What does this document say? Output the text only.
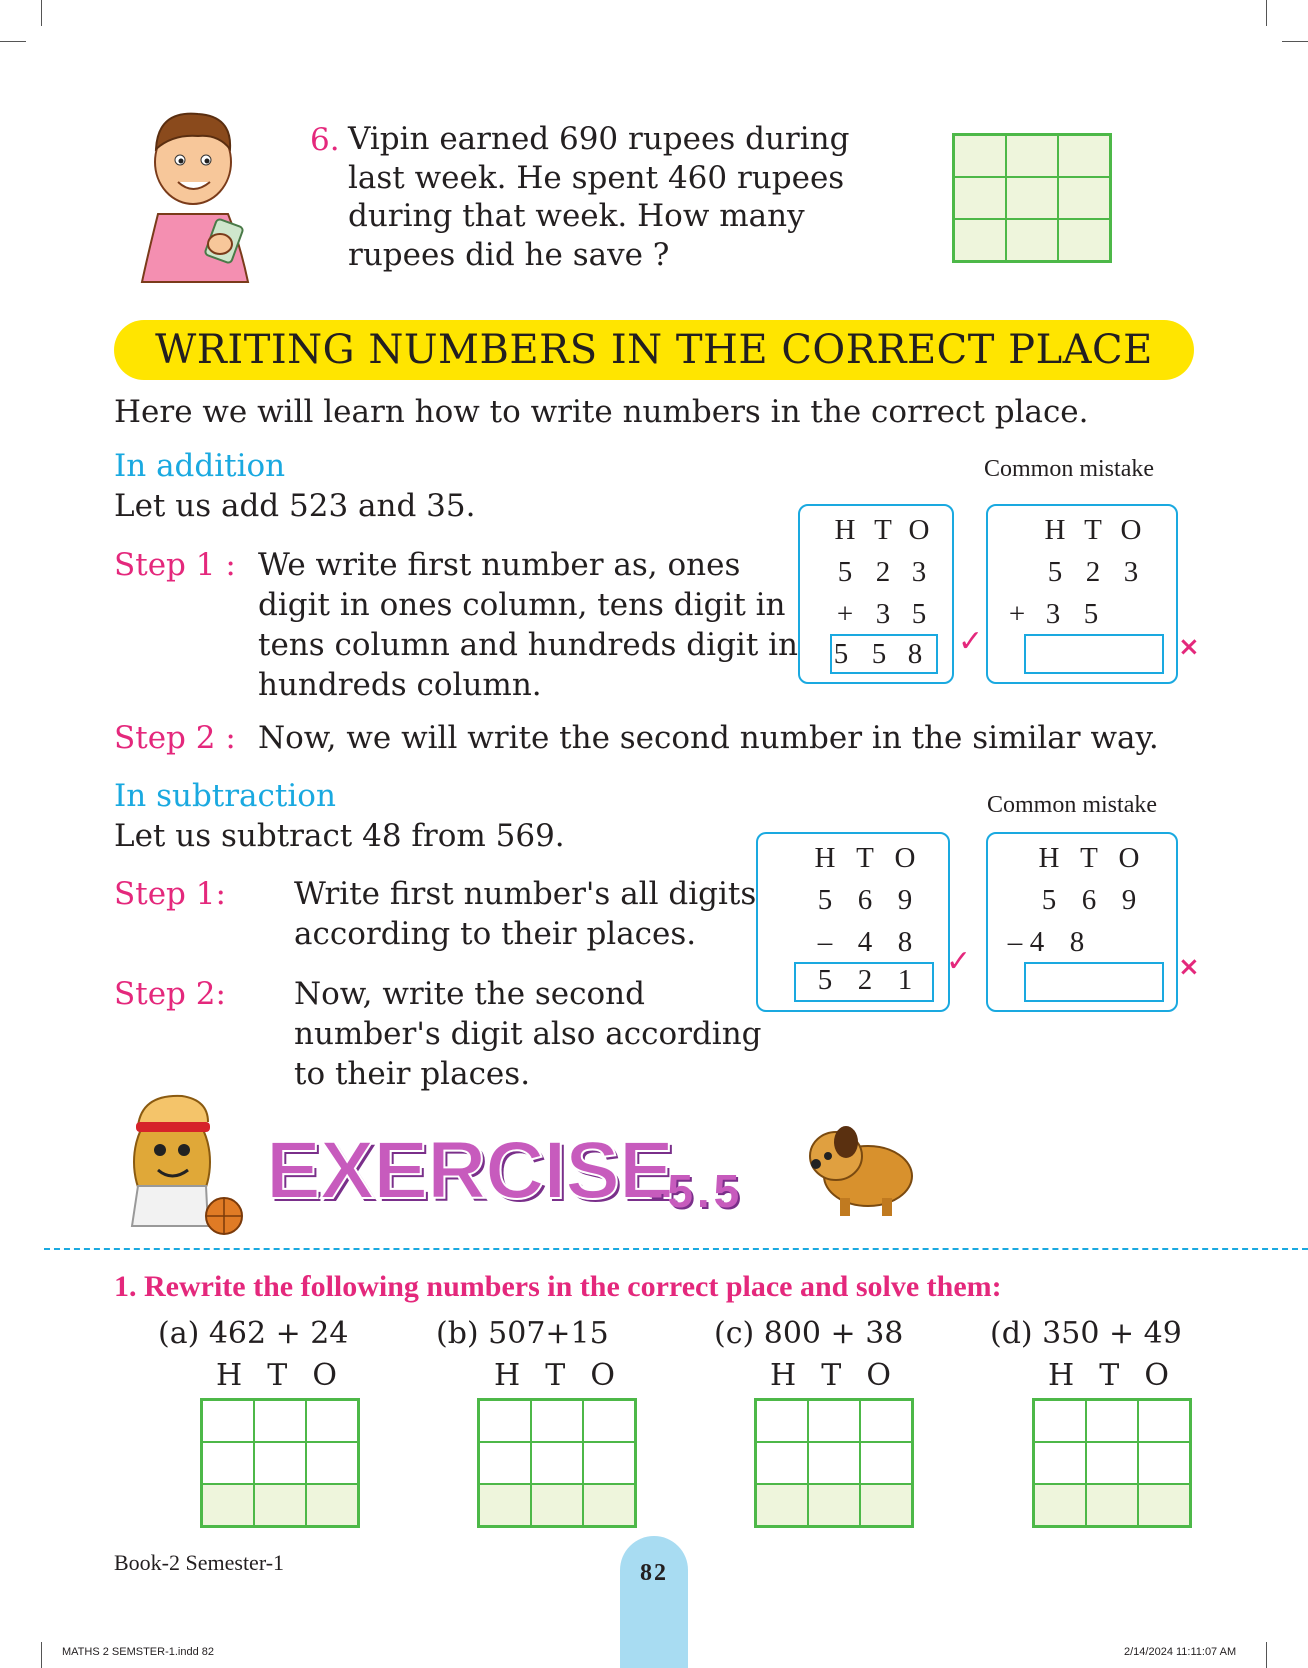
6. Vipin earned 690 rupees during
last week. He spent 460 rupees
during that week. How many
rupees did he save ?
WRITING NUMBERS IN THE CORRECT PLACE
Here we will learn how to write numbers in the correct place.
In addition	Common mistake
Let us add 523 and 35.
Step 1 : We write first number as, ones
digit in ones column, tens digit in
tens column and hundreds digit in
hundreds column.
Step 2 : Now, we will write the second number in the similar way.
H T O
5 2 3
+ 3 5
5 5 8 ✓
H T O
5 2 3
+ 3 5
×
In subtraction	Common mistake
Let us subtract 48 from 569.
Step 1: Write first number's all digits
according to their places.
Step 2: Now, write the second
number's digit also according
to their places.
H T O
5 6 9
– 4 8
5 2 1
✓
H T O
5 6 9
– 4 8
×
EXERCISE
-5.5
1. Rewrite the following numbers in the correct place and solve them:
(a) 462 + 24
H  T  O
(b) 507+15
H  T  O
(c) 800 + 38
H  T  O
(d) 350 + 49
H  T  O
Book-2 Semester-1	82
MATHS 2 SEMSTER-1.indd 82	2/14/2024 11:11:07 AM
